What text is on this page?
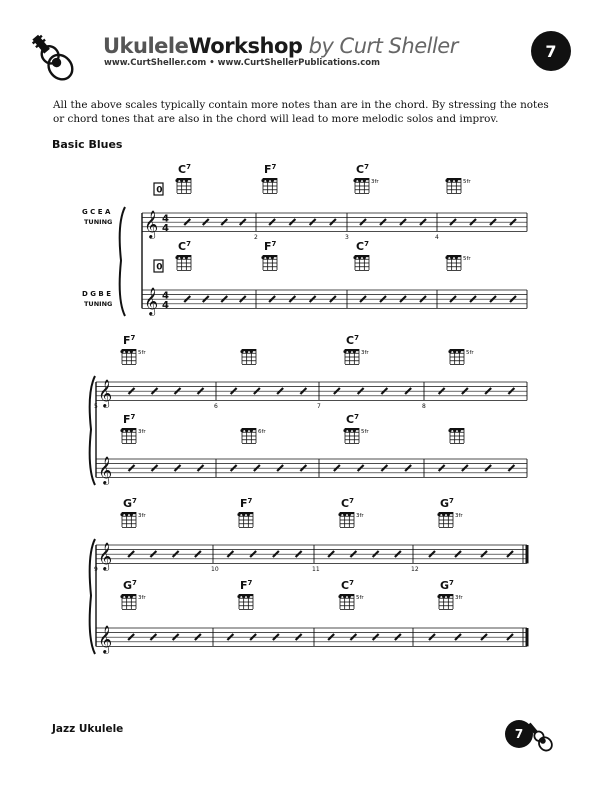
UkuleleWorkshop by Curt Sheller
www.CurtSheller.com • www.CurtShellerPublications.com
7
All the above scales typically contain more notes than are in the chord. By stressing the notes or chord tones that are also in the chord will lead to more melodic solos and improv.
Basic Blues
𝄞 4
4
𝄞 4
4
2	3	4
$C^7$
0
$F^7$	$C^7$
3fr	5fr
$C^7$
0
$F^7$	$C^7$
5fr
G C E A
TUNING
D G B E
TUNING
𝄞
𝄞
5	6	7	8
$F^7$
5fr
$C^7$
3fr	5fr
$F^7$
3fr	6fr
$C^7$
5fr
𝄞
𝄞
9	10	11	12
$G^7$
3fr
$F^7$	$C^7$
3fr
$G^7$
3fr
$G^7$
3fr
$F^7$	$C^7$
5fr
$G^7$
3fr
Jazz Ukulele	7
